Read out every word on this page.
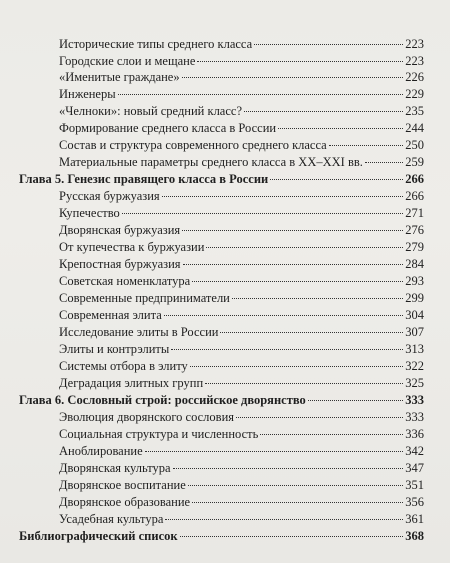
Исторические типы среднего класса	223
Городские слои и мещане	223
«Именитые граждане»	226
Инженеры	229
«Челноки»: новый средний класс?	235
Формирование среднего класса в России	244
Состав и структура современного среднего класса	250
Материальные параметры среднего класса в XX–XXI вв.	259
Глава 5. Генезис правящего класса в России	266
Русская буржуазия	266
Купечество	271
Дворянская буржуазия	276
От купечества к буржуазии	279
Крепостная буржуазия	284
Советская номенклатура	293
Современные предприниматели	299
Современная элита	304
Исследование элиты в России	307
Элиты и контрэлиты	313
Системы отбора в элиту	322
Деградация элитных групп	325
Глава 6. Сословный строй: российское дворянство	333
Эволюция дворянского сословия	333
Социальная структура и численность	336
Аноблирование	342
Дворянская культура	347
Дворянское воспитание	351
Дворянское образование	356
Усадебная культура	361
Библиографический список	368
